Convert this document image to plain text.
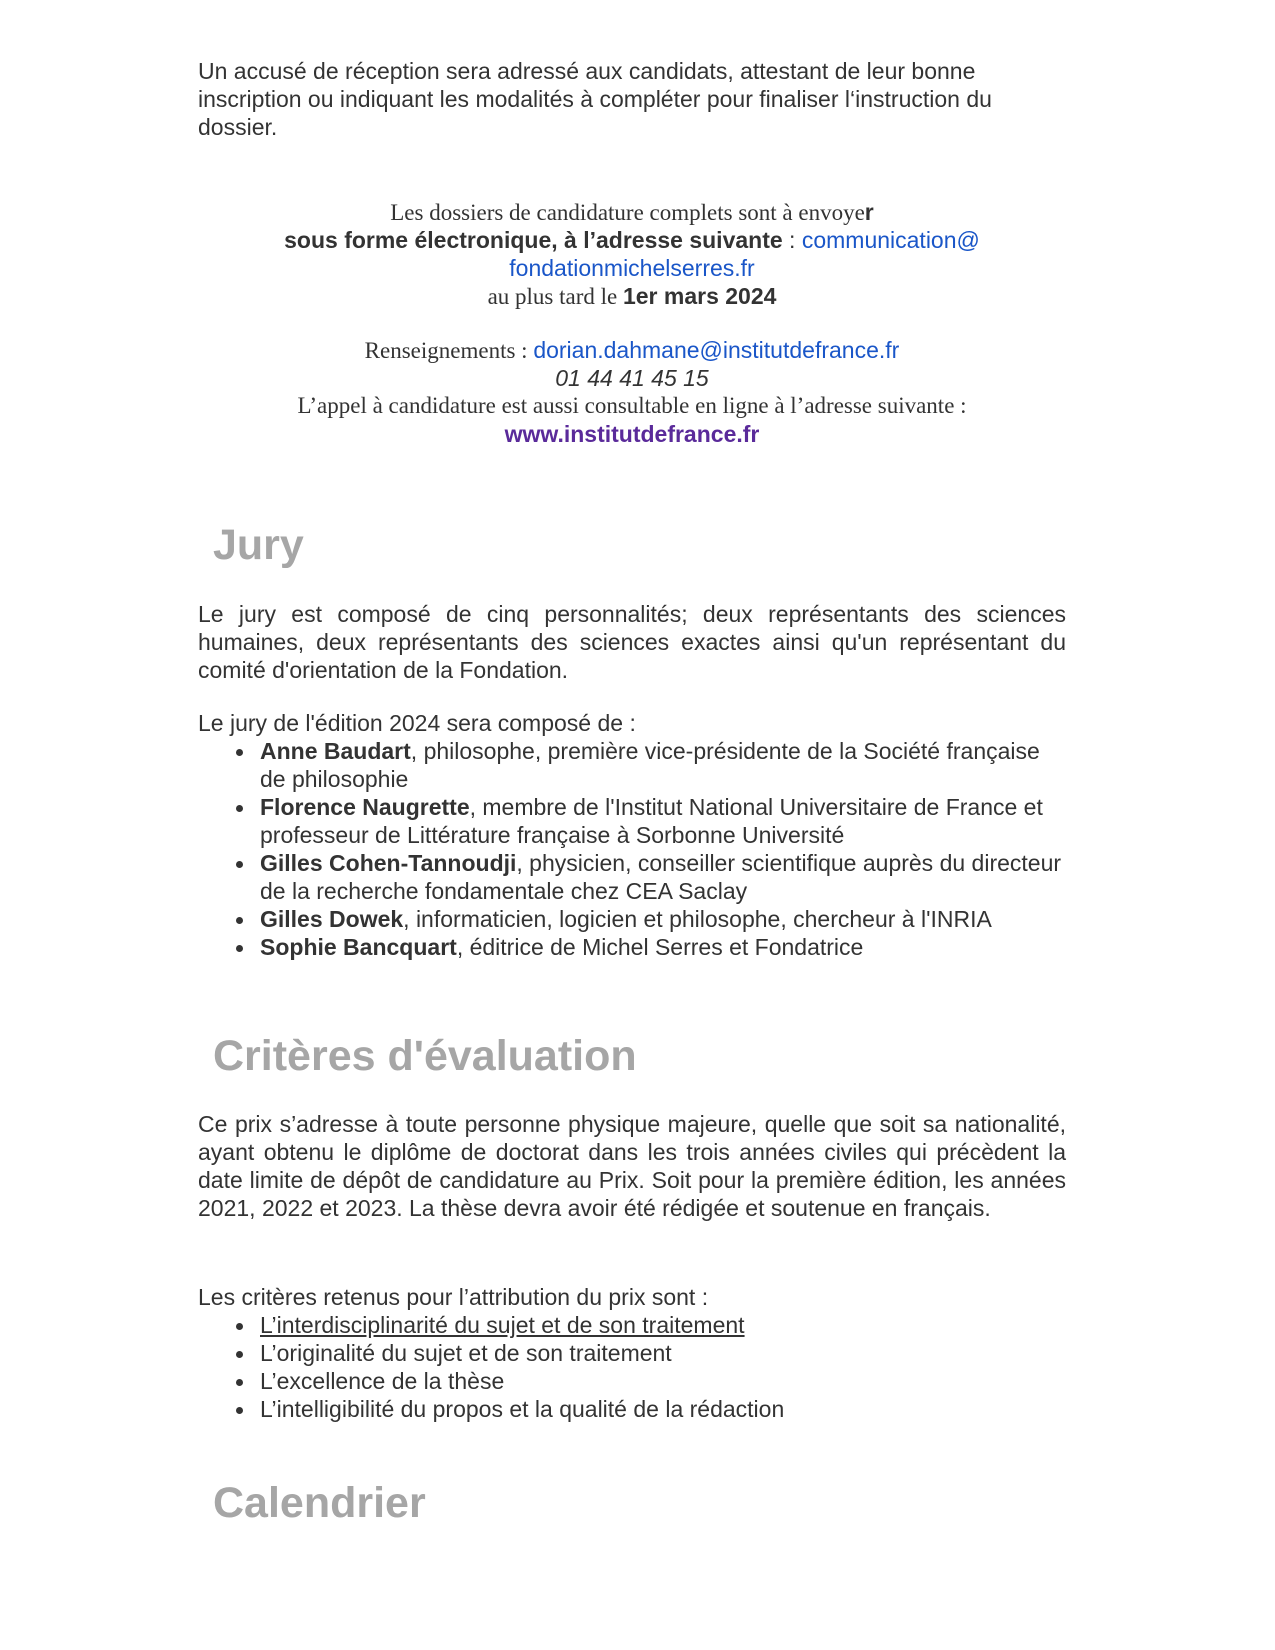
Un accusé de réception sera adressé aux candidats, attestant de leur bonne inscription ou indiquant les modalités à compléter pour finaliser l‘instruction du dossier.

Les dossiers de candidature complets sont à envoyer
sous forme électronique, à l’adresse suivante : communication@
fondationmichelserres.fr
au plus tard le 1er mars 2024
Renseignements : dorian.dahmane@institutdefrance.fr
01 44 41 45 15
L’appel à candidature est aussi consultable en ligne à l’adresse suivante :
www.institutdefrance.fr
Jury

Le jury est composé de cinq personnalités; deux représentants des sciences humaines, deux représentants des sciences exactes ainsi qu'un représentant du comité d'orientation de la Fondation.

Le jury de l'édition 2024 sera composé de :

Anne Baudart, philosophe, première vice-présidente de la Société française de philosophie
Florence Naugrette, membre de l'Institut National Universitaire de France et professeur de Littérature française à Sorbonne Université
Gilles Cohen-Tannoudji, physicien, conseiller scientifique auprès du directeur de la recherche fondamentale chez CEA Saclay
Gilles Dowek, informaticien, logicien et philosophe, chercheur à l'INRIA
Sophie Bancquart, éditrice de Michel Serres et Fondatrice
Critères d'évaluation

Ce prix s’adresse à toute personne physique majeure, quelle que soit sa nationalité, ayant obtenu le diplôme de doctorat dans les trois années civiles qui précèdent la date limite de dépôt de candidature au Prix. Soit pour la première édition, les années 2021, 2022 et 2023. La thèse devra avoir été rédigée et soutenue en français.

Les critères retenus pour l’attribution du prix sont :

L’interdisciplinarité du sujet et de son traitement
L’originalité du sujet et de son traitement
L’excellence de la thèse
L’intelligibilité du propos et la qualité de la rédaction
Calendrier
